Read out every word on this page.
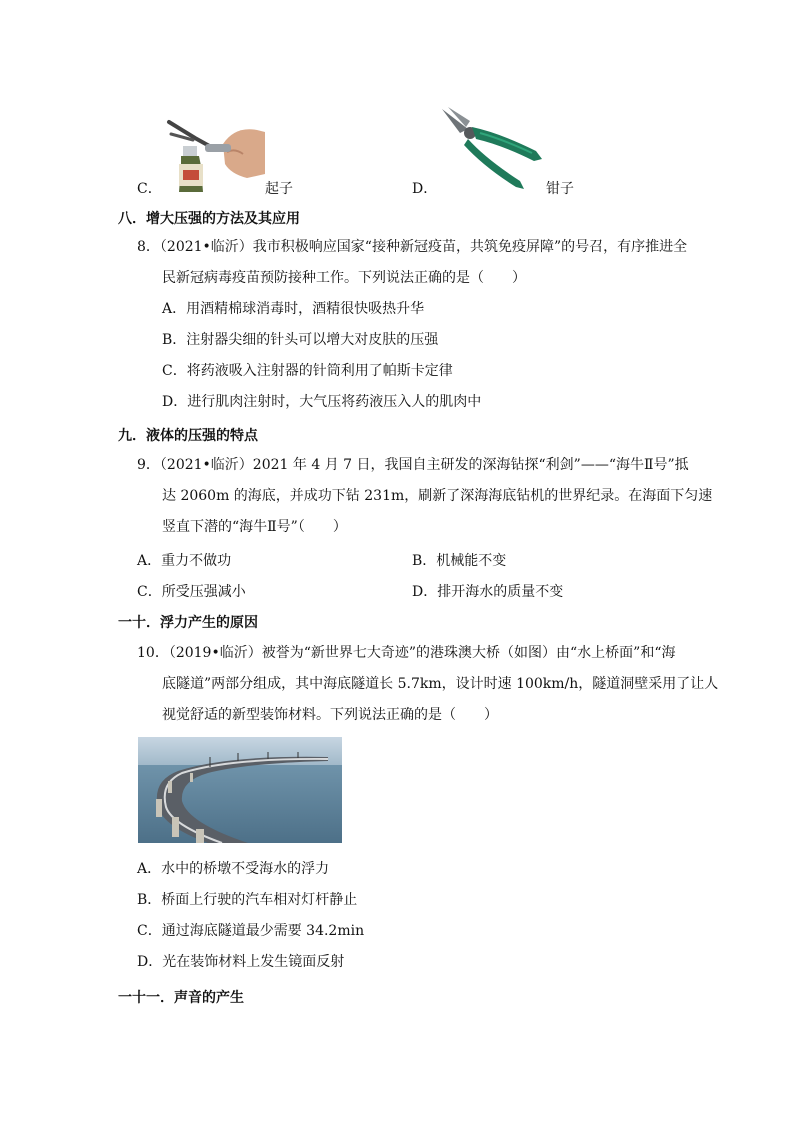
C．	起子	D．	钳子
八．增大压强的方法及其应用
8．（2021•临沂）我市积极响应国家“接种新冠疫苗，共筑免疫屏障”的号召，有序推进全
民新冠病毒疫苗预防接种工作。下列说法正确的是（　　）
A．用酒精棉球消毒时，酒精很快吸热升华
B．注射器尖细的针头可以增大对皮肤的压强
C．将药液吸入注射器的针筒利用了帕斯卡定律
D．进行肌肉注射时，大气压将药液压入人的肌肉中
九．液体的压强的特点
9．（2021•临沂）2021 年 4 月 7 日，我国自主研发的深海钻探“利剑”——“海牛Ⅱ号”抵
达 2060m 的海底，并成功下钻 231m，刷新了深海海底钻机的世界纪录。在海面下匀速
竖直下潜的“海牛Ⅱ号”（　　）
A．重力不做功	B．机械能不变
C．所受压强减小	D．排开海水的质量不变
一十．浮力产生的原因
10．（2019•临沂）被誉为“新世界七大奇迹”的港珠澳大桥（如图）由“水上桥面”和“海
底隧道”两部分组成，其中海底隧道长 5.7km，设计时速 100km/h，隧道洞壁采用了让人
视觉舒适的新型装饰材料。下列说法正确的是（　　）
A．水中的桥墩不受海水的浮力
B．桥面上行驶的汽车相对灯杆静止
C．通过海底隧道最少需要 34.2min
D．光在装饰材料上发生镜面反射
一十一．声音的产生
